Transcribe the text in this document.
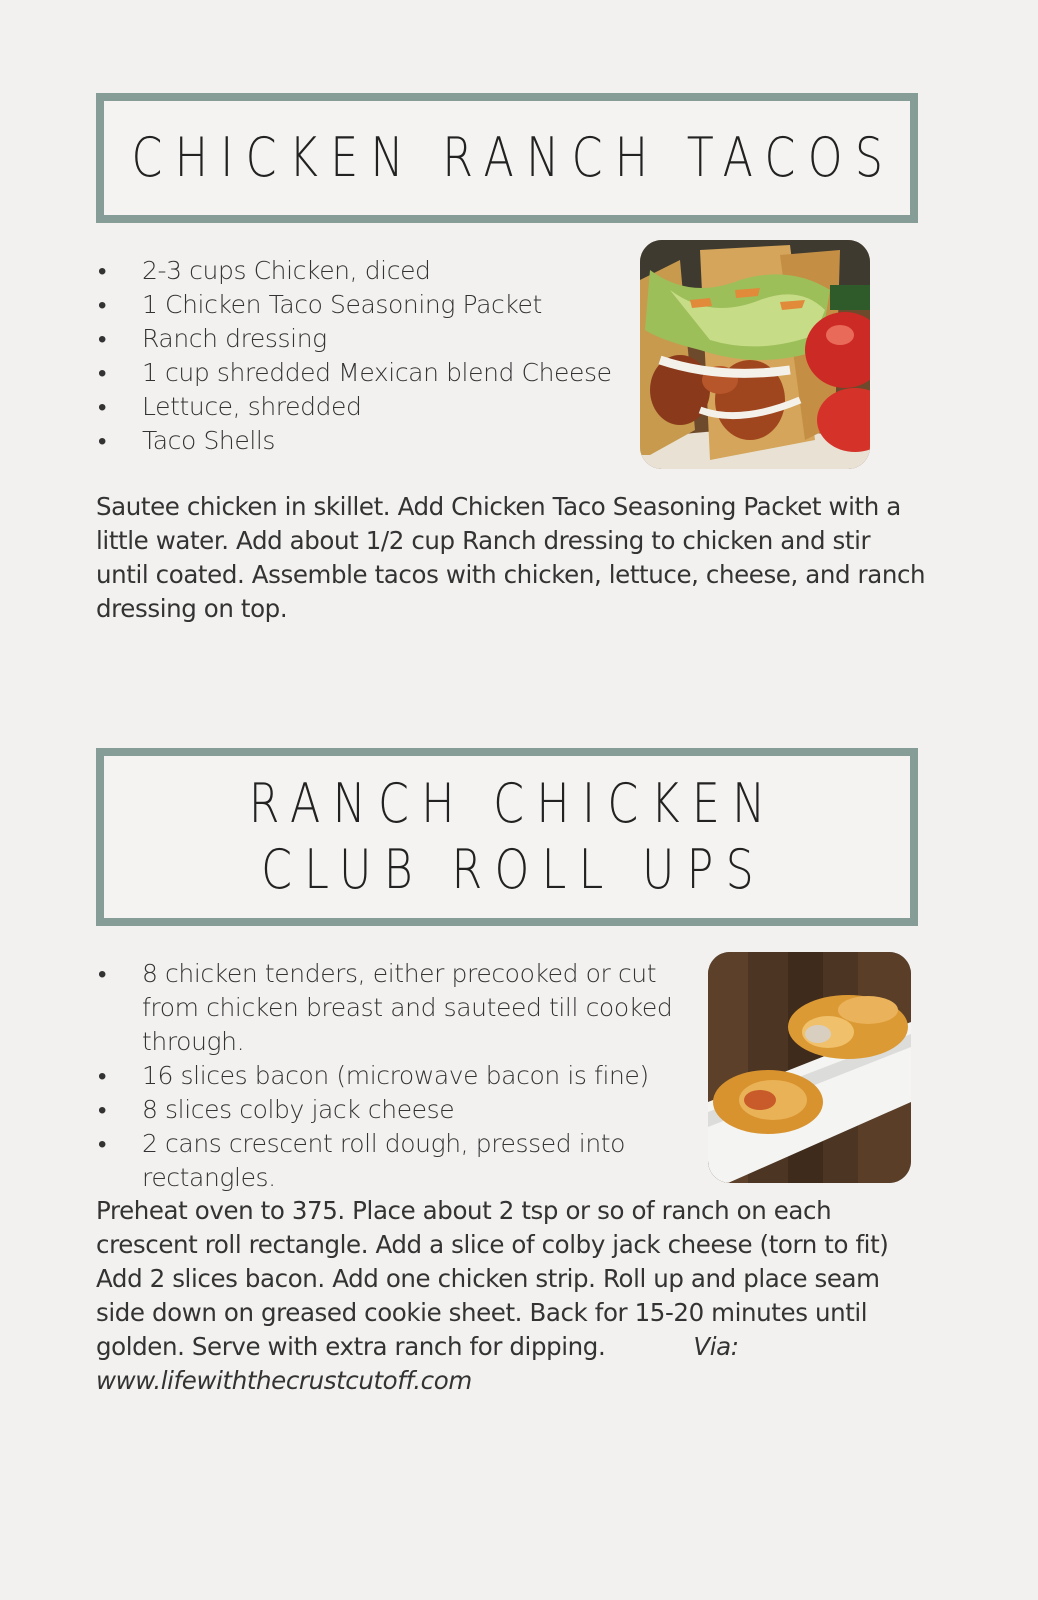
CHICKEN RANCH TACOS
• 2-3 cups Chicken, diced
• 1 Chicken Taco Seasoning Packet
• Ranch dressing
• 1 cup shredded Mexican blend Cheese
• Lettuce, shredded
• Taco Shells

Sautee chicken in skillet. Add Chicken Taco Seasoning Packet with a little water. Add about 1/2 cup Ranch dressing to chicken and stir until coated. Assemble tacos with chicken, lettuce, cheese, and ranch dressing on top.

RANCH CHICKEN
CLUB ROLL UPS
• 8 chicken tenders, either precooked or cut from chicken breast and sauteed till cooked through.
• 16 slices bacon (microwave bacon is fine)
• 8 slices colby jack cheese
• 2 cans crescent roll dough, pressed into rectangles.

Preheat oven to 375. Place about 2 tsp or so of ranch on each crescent roll rectangle. Add a slice of colby jack cheese (torn to fit) Add 2 slices bacon. Add one chicken strip. Roll up and place seam side down on greased cookie sheet. Back for 15-20 minutes until golden. Serve with extra ranch for dipping.	Via: www.lifewiththecrustcutoff.com
